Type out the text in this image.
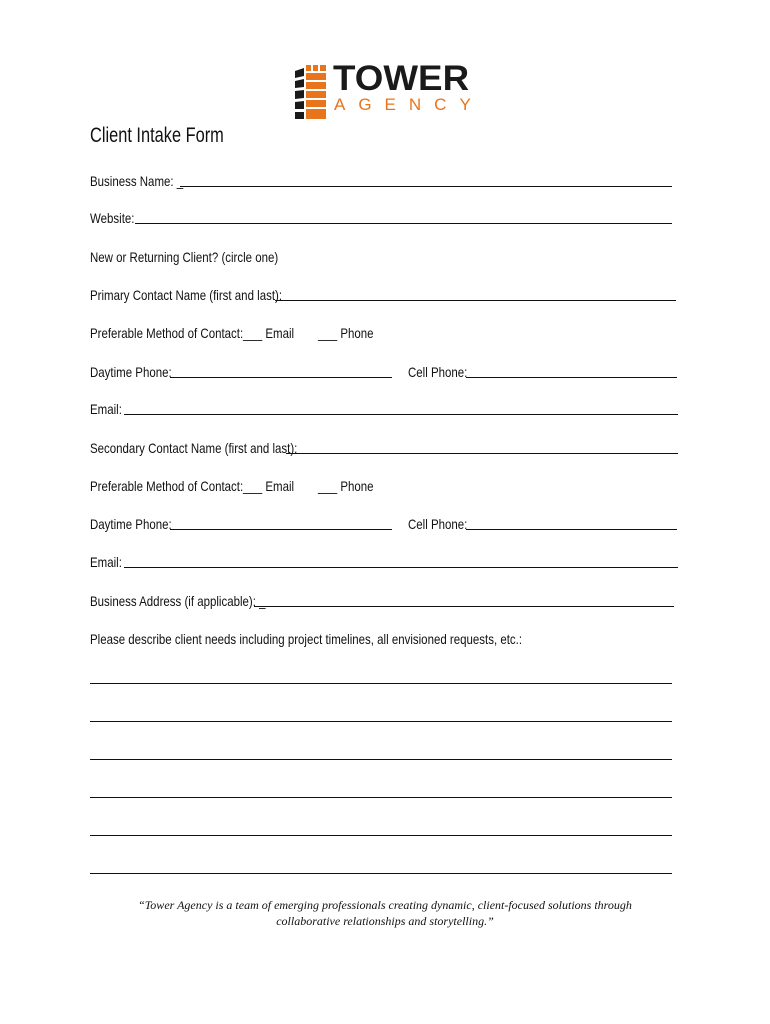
TOWER
AGENCY
Client Intake Form
Business Name: _
Website:
New or Returning Client? (circle one)
Primary Contact Name (first and last):
Preferable Method of Contact: ___ Email ___ Phone
Daytime Phone:	Cell Phone:
Email:
Secondary Contact Name (first and last):
Preferable Method of Contact: ___ Email ___ Phone
Daytime Phone:	Cell Phone:
Email:
Business Address (if applicable): _
Please describe client needs including project timelines, all envisioned requests, etc.:
“Tower Agency is a team of emerging professionals creating dynamic, client-focused solutions through
collaborative relationships and storytelling.”
